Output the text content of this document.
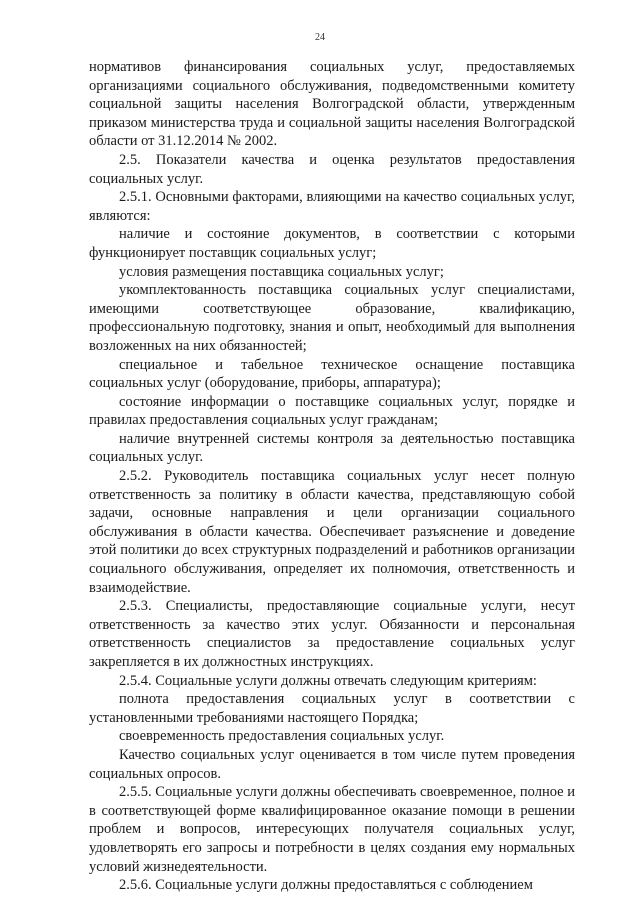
24

нормативов финансирования социальных услуг, предоставляемых организациями социального обслуживания, подведомственными комитету социальной защиты населения Волгоградской области, утвержденным приказом министерства труда и социальной защиты населения Волгоградской области от 31.12.2014 № 2002.

2.5. Показатели качества и оценка результатов предоставления социальных услуг.

2.5.1. Основными факторами, влияющими на качество социальных услуг, являются:

наличие и состояние документов, в соответствии с которыми функционирует поставщик социальных услуг;

условия размещения поставщика социальных услуг;

укомплектованность поставщика социальных услуг специалистами, имеющими соответствующее образование, квалификацию, профессиональную подготовку, знания и опыт, необходимый для выполнения возложенных на них обязанностей;

специальное и табельное техническое оснащение поставщика социальных услуг (оборудование, приборы, аппаратура);

состояние информации о поставщике социальных услуг, порядке и правилах предоставления социальных услуг гражданам;

наличие внутренней системы контроля за деятельностью поставщика социальных услуг.

2.5.2. Руководитель поставщика социальных услуг несет полную ответственность за политику в области качества, представляющую собой задачи, основные направления и цели организации социального обслуживания в области качества. Обеспечивает разъяснение и доведение этой политики до всех структурных подразделений и работников организации социального обслуживания, определяет их полномочия, ответственность и взаимодействие.

2.5.3. Специалисты, предоставляющие социальные услуги, несут ответственность за качество этих услуг. Обязанности и персональная ответственность специалистов за предоставление социальных услуг закрепляется в их должностных инструкциях.

2.5.4. Социальные услуги должны отвечать следующим критериям:

полнота предоставления социальных услуг в соответствии с установленными требованиями настоящего Порядка;

своевременность предоставления социальных услуг.

Качество социальных услуг оценивается в том числе путем проведения социальных опросов.

2.5.5. Социальные услуги должны обеспечивать своевременное, полное и в соответствующей форме квалифицированное оказание помощи в решении проблем и вопросов, интересующих получателя социальных услуг, удовлетворять его запросы и потребности в целях создания ему нормальных условий жизнедеятельности.

2.5.6. Социальные услуги должны предоставляться с соблюдением
